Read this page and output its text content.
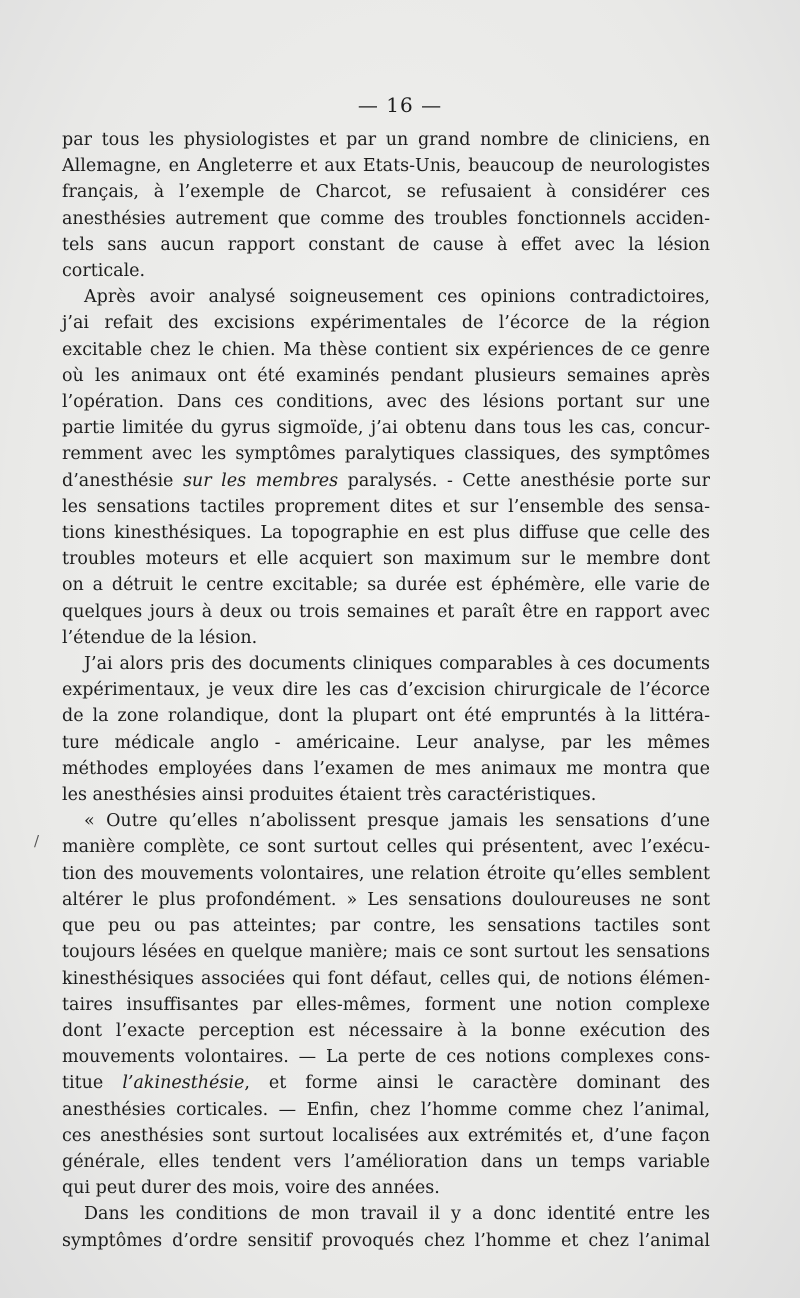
— 16 —
/
par tous les physiologistes et par un grand nombre de cliniciens, en
Allemagne, en Angleterre et aux Etats-Unis, beaucoup de neurologistes
français, à l’exemple de Charcot, se refusaient à considérer ces
anesthésies autrement que comme des troubles fonctionnels acciden-
tels sans aucun rapport constant de cause à effet avec la lésion
corticale.
Après avoir analysé soigneusement ces opinions contradictoires,
j’ai refait des excisions expérimentales de l’écorce de la région
excitable chez le chien. Ma thèse contient six expériences de ce genre
où les animaux ont été examinés pendant plusieurs semaines après
l’opération. Dans ces conditions, avec des lésions portant sur une
partie limitée du gyrus sigmoïde, j’ai obtenu dans tous les cas, concur-
remment avec les symptômes paralytiques classiques, des symptômes
d’anesthésie sur les membres paralysés. - Cette anesthésie porte sur
les sensations tactiles proprement dites et sur l’ensemble des sensa-
tions kinesthésiques. La topographie en est plus diffuse que celle des
troubles moteurs et elle acquiert son maximum sur le membre dont
on a détruit le centre excitable; sa durée est éphémère, elle varie de
quelques jours à deux ou trois semaines et paraît être en rapport avec
l’étendue de la lésion.
J’ai alors pris des documents cliniques comparables à ces documents
expérimentaux, je veux dire les cas d’excision chirurgicale de l’écorce
de la zone rolandique, dont la plupart ont été empruntés à la littéra-
ture médicale anglo - américaine. Leur analyse, par les mêmes
méthodes employées dans l’examen de mes animaux me montra que
les anesthésies ainsi produites étaient très caractéristiques.
« Outre qu’elles n’abolissent presque jamais les sensations d’une
manière complète, ce sont surtout celles qui présentent, avec l’exécu-
tion des mouvements volontaires, une relation étroite qu’elles semblent
altérer le plus profondément. » Les sensations douloureuses ne sont
que peu ou pas atteintes; par contre, les sensations tactiles sont
toujours lésées en quelque manière; mais ce sont surtout les sensations
kinesthésiques associées qui font défaut, celles qui, de notions élémen-
taires insuffisantes par elles-mêmes, forment une notion complexe
dont l’exacte perception est nécessaire à la bonne exécution des
mouvements volontaires. — La perte de ces notions complexes cons-
titue l’akinesthésie, et forme ainsi le caractère dominant des
anesthésies corticales. — Enfin, chez l’homme comme chez l’animal,
ces anesthésies sont surtout localisées aux extrémités et, d’une façon
générale, elles tendent vers l’amélioration dans un temps variable
qui peut durer des mois, voire des années.
Dans les conditions de mon travail il y a donc identité entre les
symptômes d’ordre sensitif provoqués chez l’homme et chez l’animal
